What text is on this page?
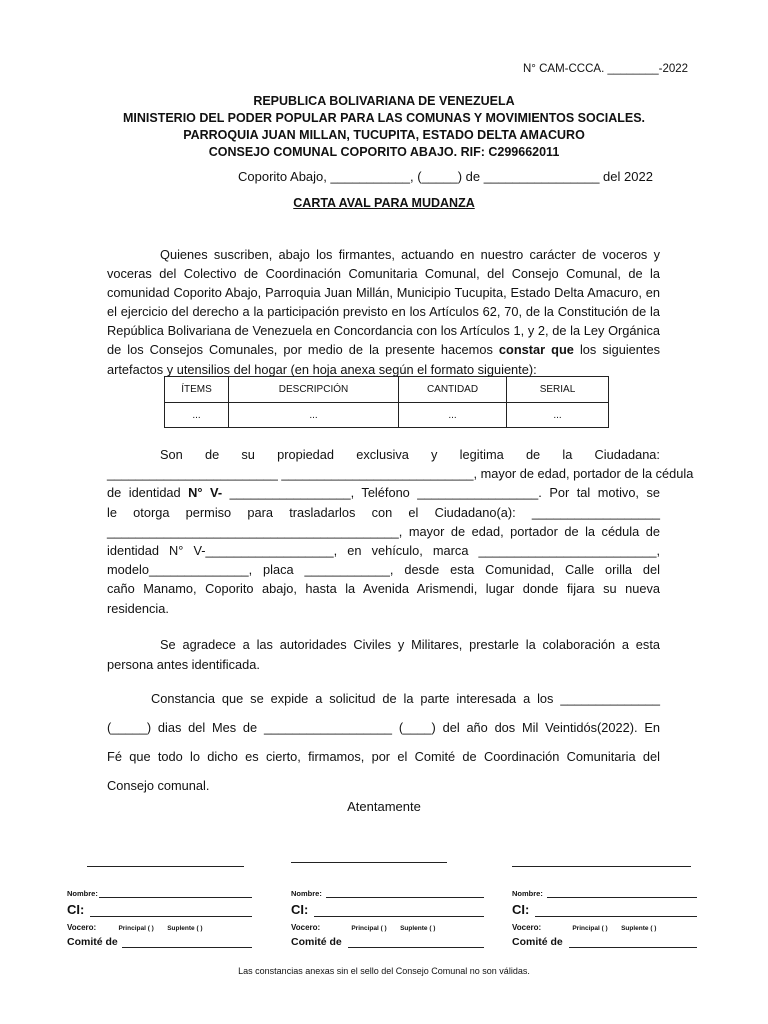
N° CAM-CCCA. ________-2022
REPUBLICA BOLIVARIANA DE VENEZUELA
MINISTERIO DEL PODER POPULAR PARA LAS COMUNAS Y MOVIMIENTOS SOCIALES.
PARROQUIA JUAN MILLAN, TUCUPITA, ESTADO DELTA AMACURO
CONSEJO COMUNAL COPORITO ABAJO. RIF: C299662011
Coporito Abajo, ___________, (_____) de ________________ del 2022
CARTA AVAL PARA MUDANZA
Quienes suscriben, abajo los firmantes, actuando en nuestro carácter de voceros y voceras del Colectivo de Coordinación Comunitaria Comunal, del Consejo Comunal, de la comunidad Coporito Abajo, Parroquia Juan Millán, Municipio Tucupita, Estado Delta Amacuro, en el ejercicio del derecho a la participación previsto en los Artículos 62, 70, de la Constitución de la República Bolivariana de Venezuela en Concordancia con los Artículos 1, y 2, de la Ley Orgánica de los Consejos Comunales, por medio de la presente hacemos constar que los siguientes artefactos y utensilios del hogar (en hoja anexa según el formato siguiente):
ÍTEMS	DESCRIPCIÓN	CANTIDAD	SERIAL
...	...	...	...
Son de su propiedad exclusiva y legitima de la Ciudadana:
________________________ ___________________________, mayor de edad, portador de la cédula
de identidad N° V- _________________, Teléfono _________________. Por tal motivo, se
le otorga permiso para trasladarlos con el Ciudadano(a): __________________
_________________________________________, mayor de edad, portador de la cédula de
identidad N° V-__________________, en vehículo, marca _________________________,
modelo______________, placa ____________, desde esta Comunidad, Calle orilla del
caño Manamo, Coporito abajo, hasta la Avenida Arismendi, lugar donde fijara su nueva
residencia.
Se agradece a las autoridades Civiles y Militares, prestarle la colaboración a esta persona antes identificada.
Constancia que se expide a solicitud de la parte interesada a los ______________
(_____) dias del Mes de __________________ (____) del año dos Mil Veintidós(2022). En
Fé que todo lo dicho es cierto, firmamos, por el Comité de Coordinación Comunitaria del
Consejo comunal.
Atentamente
Nombre:
CI:
Vocero:	Principal ( ) Suplente ( )
Comité de
Nombre:
CI:
Vocero:	Principal ( ) Suplente ( )
Comité de
Nombre:
CI:
Vocero:	Principal ( ) Suplente ( )
Comité de
Las constancias anexas sin el sello del Consejo Comunal no son válidas.
